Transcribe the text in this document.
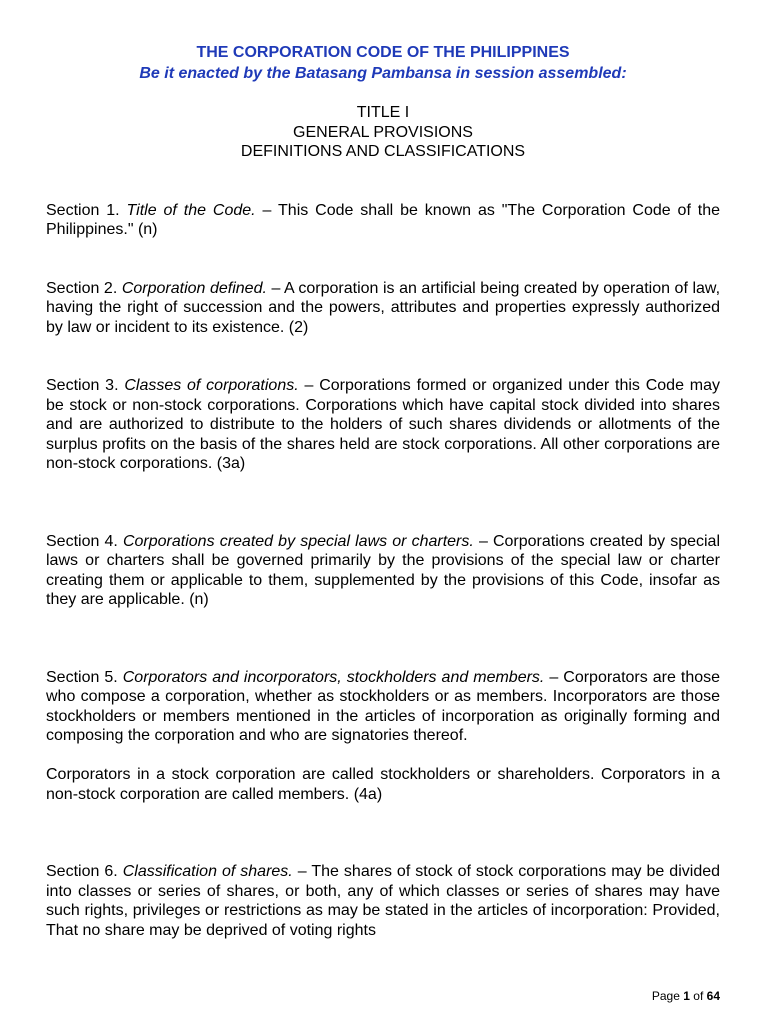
THE CORPORATION CODE OF THE PHILIPPINES
Be it enacted by the Batasang Pambansa in session assembled:
TITLE I
GENERAL PROVISIONS
DEFINITIONS AND CLASSIFICATIONS

Section 1. Title of the Code. – This Code shall be known as "The Corporation Code of the Philippines." (n)

Section 2. Corporation defined. – A corporation is an artificial being created by operation of law, having the right of succession and the powers, attributes and properties expressly authorized by law or incident to its existence. (2)

Section 3. Classes of corporations. – Corporations formed or organized under this Code may be stock or non-stock corporations. Corporations which have capital stock divided into shares and are authorized to distribute to the holders of such shares dividends or allotments of the surplus profits on the basis of the shares held are stock corporations. All other corporations are non-stock corporations. (3a)

Section 4. Corporations created by special laws or charters. – Corporations created by special laws or charters shall be governed primarily by the provisions of the special law or charter creating them or applicable to them, supplemented by the provisions of this Code, insofar as they are applicable. (n)

Section 5. Corporators and incorporators, stockholders and members. – Corporators are those who compose a corporation, whether as stockholders or as members. Incorporators are those stockholders or members mentioned in the articles of incorporation as originally forming and composing the corporation and who are signatories thereof.

Corporators in a stock corporation are called stockholders or shareholders. Corporators in a non-stock corporation are called members. (4a)

Section 6. Classification of shares. – The shares of stock of stock corporations may be divided into classes or series of shares, or both, any of which classes or series of shares may have such rights, privileges or restrictions as may be stated in the articles of incorporation: Provided, That no share may be deprived of voting rights

Page 1 of 64
